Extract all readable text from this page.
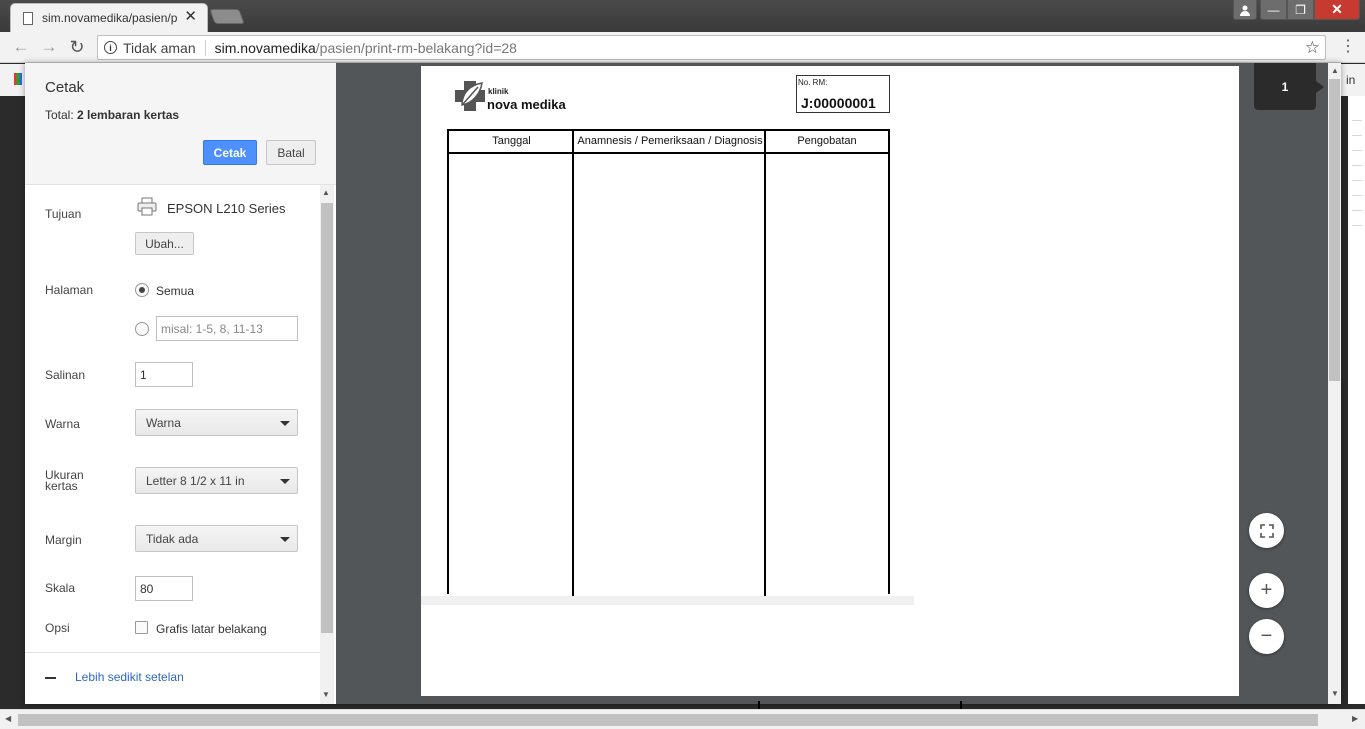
sim.novamedika/pasien/p ✕	—	❐	✕
← → ↻	i Tidak aman sim.novamedika /pasien/print-rm-belakang?id=28	☆ ⋮
in
Cetak
Total: 2 lembaran kertas
Cetak	Batal
Tujuan	EPSON L210 Series
Ubah...
Halaman	Semua
misal: 1-5, 8, 11-13
Salinan	1
Warna	Warna
Ukuran
kertas	Letter 8 1/2 x 11 in
Margin	Tidak ada
Skala	80
Opsi	Grafis latar belakang
Lebih sedikit setelan
▲
▼
klinik
nova medika
No. RM:
J:00000001
Tanggal	Anamnesis / Pemeriksaan / Diagnosis	Pengobatan
1
+
−
▲
▼
◀	▶
